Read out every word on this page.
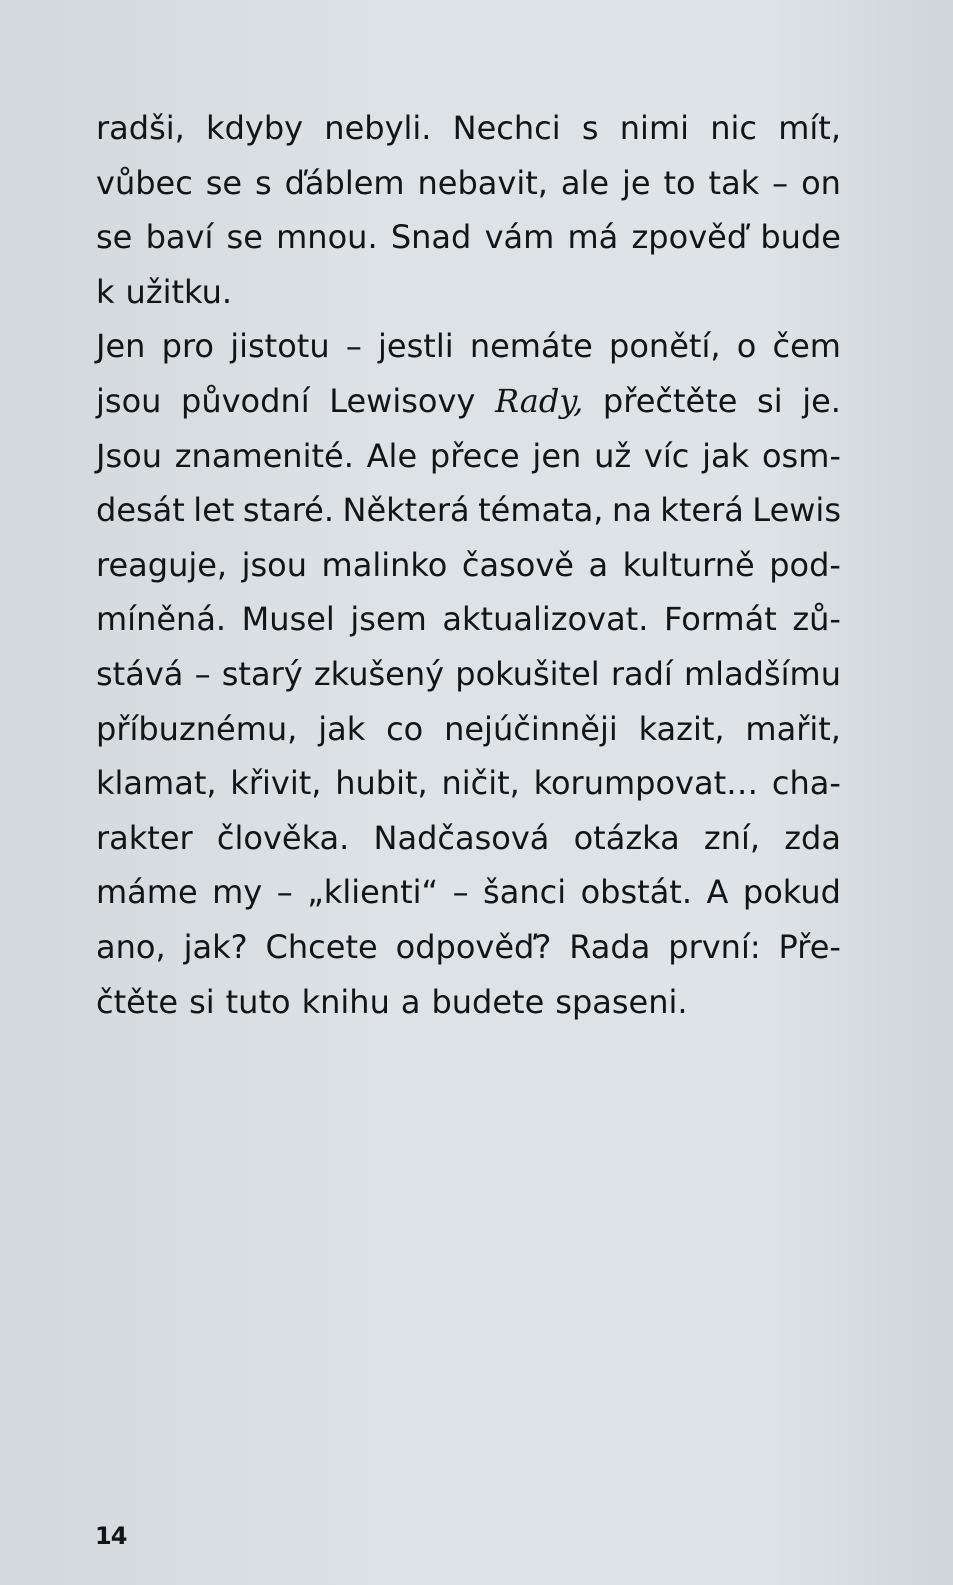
radši, kdyby nebyli. Nechci s nimi nic mít,
vůbec se s ďáblem nebavit, ale je to tak – on
se baví se mnou. Snad vám má zpověď bude
k užitku.
Jen pro jistotu – jestli nemáte ponětí, o čem
jsou původní Lewisovy Rady, přečtěte si je.
Jsou znamenité. Ale přece jen už víc jak osm-
desát let staré. Některá témata, na která Lewis
reaguje, jsou malinko časově a kulturně pod-
míněná. Musel jsem aktualizovat. Formát zů-
stává – starý zkušený pokušitel radí mladšímu
příbuznému, jak co nejúčinněji kazit, mařit,
klamat, křivit, hubit, ničit, korumpovat… cha-
rakter člověka. Nadčasová otázka zní, zda
máme my – „klienti“ – šanci obstát. A pokud
ano, jak? Chcete odpověď? Rada první: Pře-
čtěte si tuto knihu a budete spaseni.
14
